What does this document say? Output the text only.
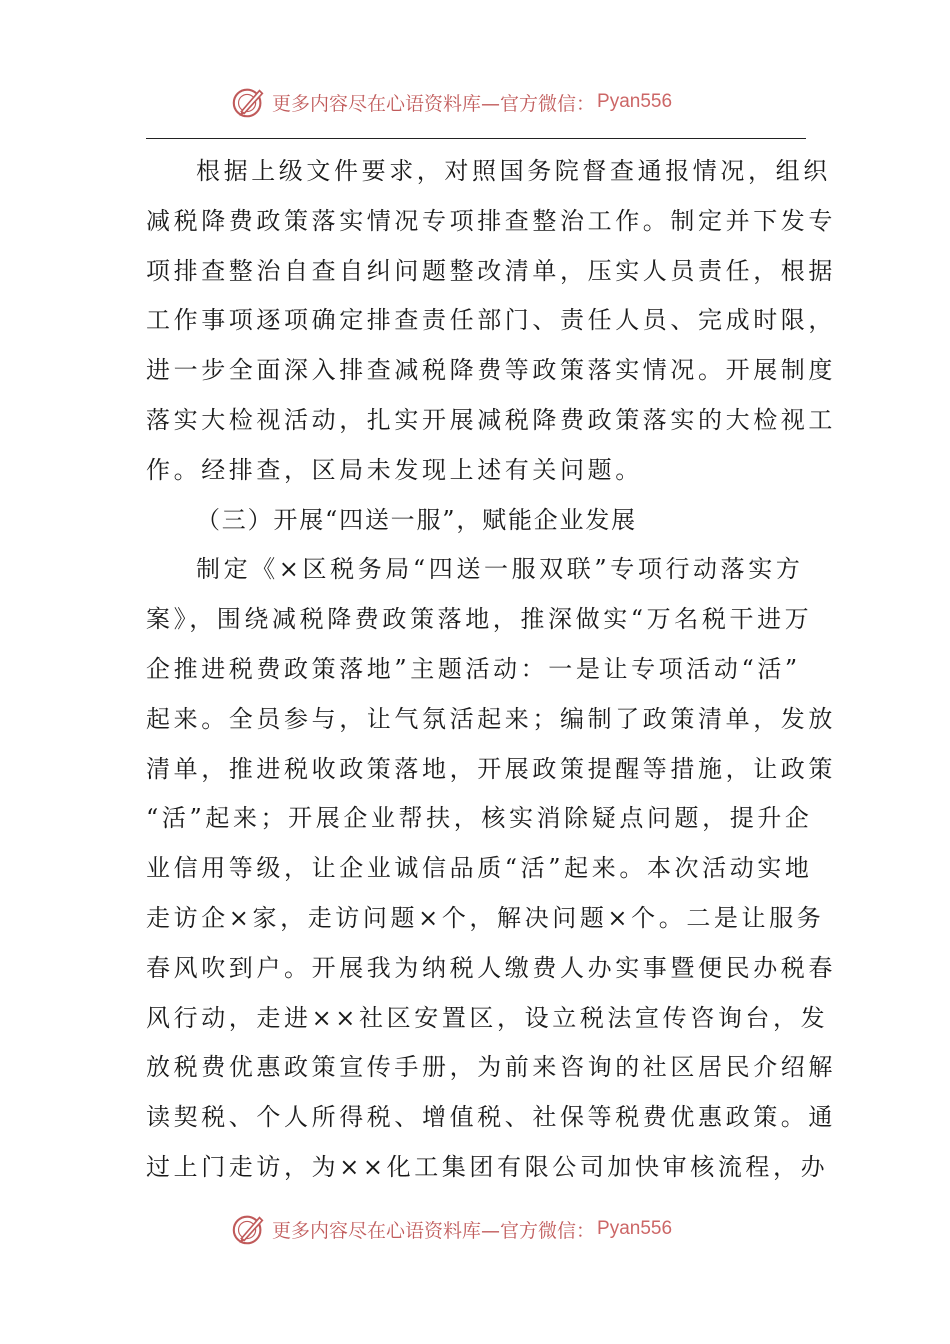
更多内容尽在心语资料库—官方微信： Pyan556
根据上级文件要求，对照国务院督查通报情况，组织
减税降费政策落实情况专项排查整治工作。制定并下发专
项排查整治自查自纠问题整改清单，压实人员责任，根据
工作事项逐项确定排查责任部门、责任人员、完成时限，
进一步全面深入排查减税降费等政策落实情况。开展制度
落实大检视活动，扎实开展减税降费政策落实的大检视工
作。经排查，区局未发现上述有关问题。
（三）开展“四送一服”，赋能企业发展
制定《×区税务局“四送一服双联”专项行动落实方
案》，围绕减税降费政策落地，推深做实“万名税干进万
企推进税费政策落地”主题活动：一是让专项活动“活”
起来。全员参与，让气氛活起来；编制了政策清单，发放
清单，推进税收政策落地，开展政策提醒等措施，让政策
“活”起来；开展企业帮扶，核实消除疑点问题，提升企
业信用等级，让企业诚信品质“活”起来。本次活动实地
走访企×家，走访问题×个，解决问题×个。二是让服务
春风吹到户。开展我为纳税人缴费人办实事暨便民办税春
风行动，走进××社区安置区，设立税法宣传咨询台，发
放税费优惠政策宣传手册，为前来咨询的社区居民介绍解
读契税、个人所得税、增值税、社保等税费优惠政策。通
过上门走访，为××化工集团有限公司加快审核流程，办
更多内容尽在心语资料库—官方微信： Pyan556
